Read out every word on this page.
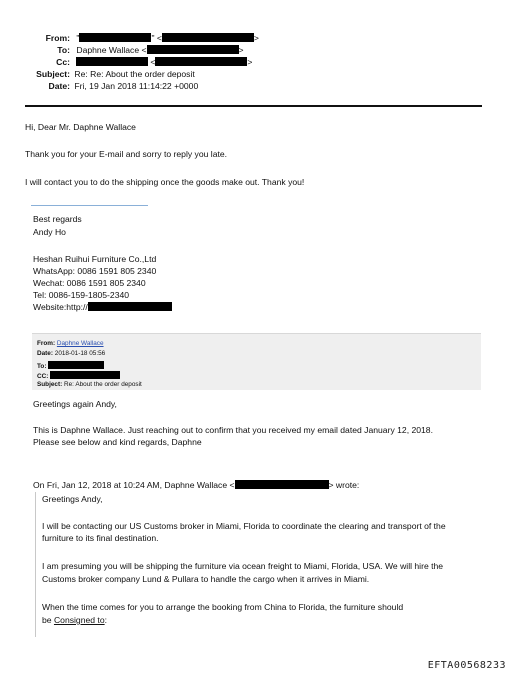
From: "	" <	>
To: Daphne Wallace <	>
Cc:	<	>
Subject: Re: Re: About the order deposit
Date: Fri, 19 Jan 2018 11:14:22 +0000
Hi, Dear Mr. Daphne Wallace
Thank you for your E-mail and sorry to reply you late.
I will contact you to do the shipping once the goods make out. Thank you!
Best regards
Andy Ho
Heshan Ruihui Furniture Co.,Ltd
WhatsApp: 0086 1591 805 2340
Wechat: 0086 1591 805 2340
Tel: 0086-159-1805-2340
Website:http://
From: Daphne Wallace
Date: 2018-01-18 05:56
To:
CC:
Subject: Re: About the order deposit
Greetings again Andy,
This is Daphne Wallace. Just reaching out to confirm that you received my email dated January 12, 2018.
Please see below and kind regards, Daphne
On Fri, Jan 12, 2018 at 10:24 AM, Daphne Wallace <	> wrote:
Greetings Andy,
I will be contacting our US Customs broker in Miami, Florida to coordinate the clearing and transport of the
furniture to its final destination.
I am presuming you will be shipping the furniture via ocean freight to Miami, Florida, USA. We will hire the
Customs broker company Lund & Pullara to handle the cargo when it arrives in Miami.
When the time comes for you to arrange the booking from China to Florida, the furniture should
be Consigned to:
EFTA00568233
